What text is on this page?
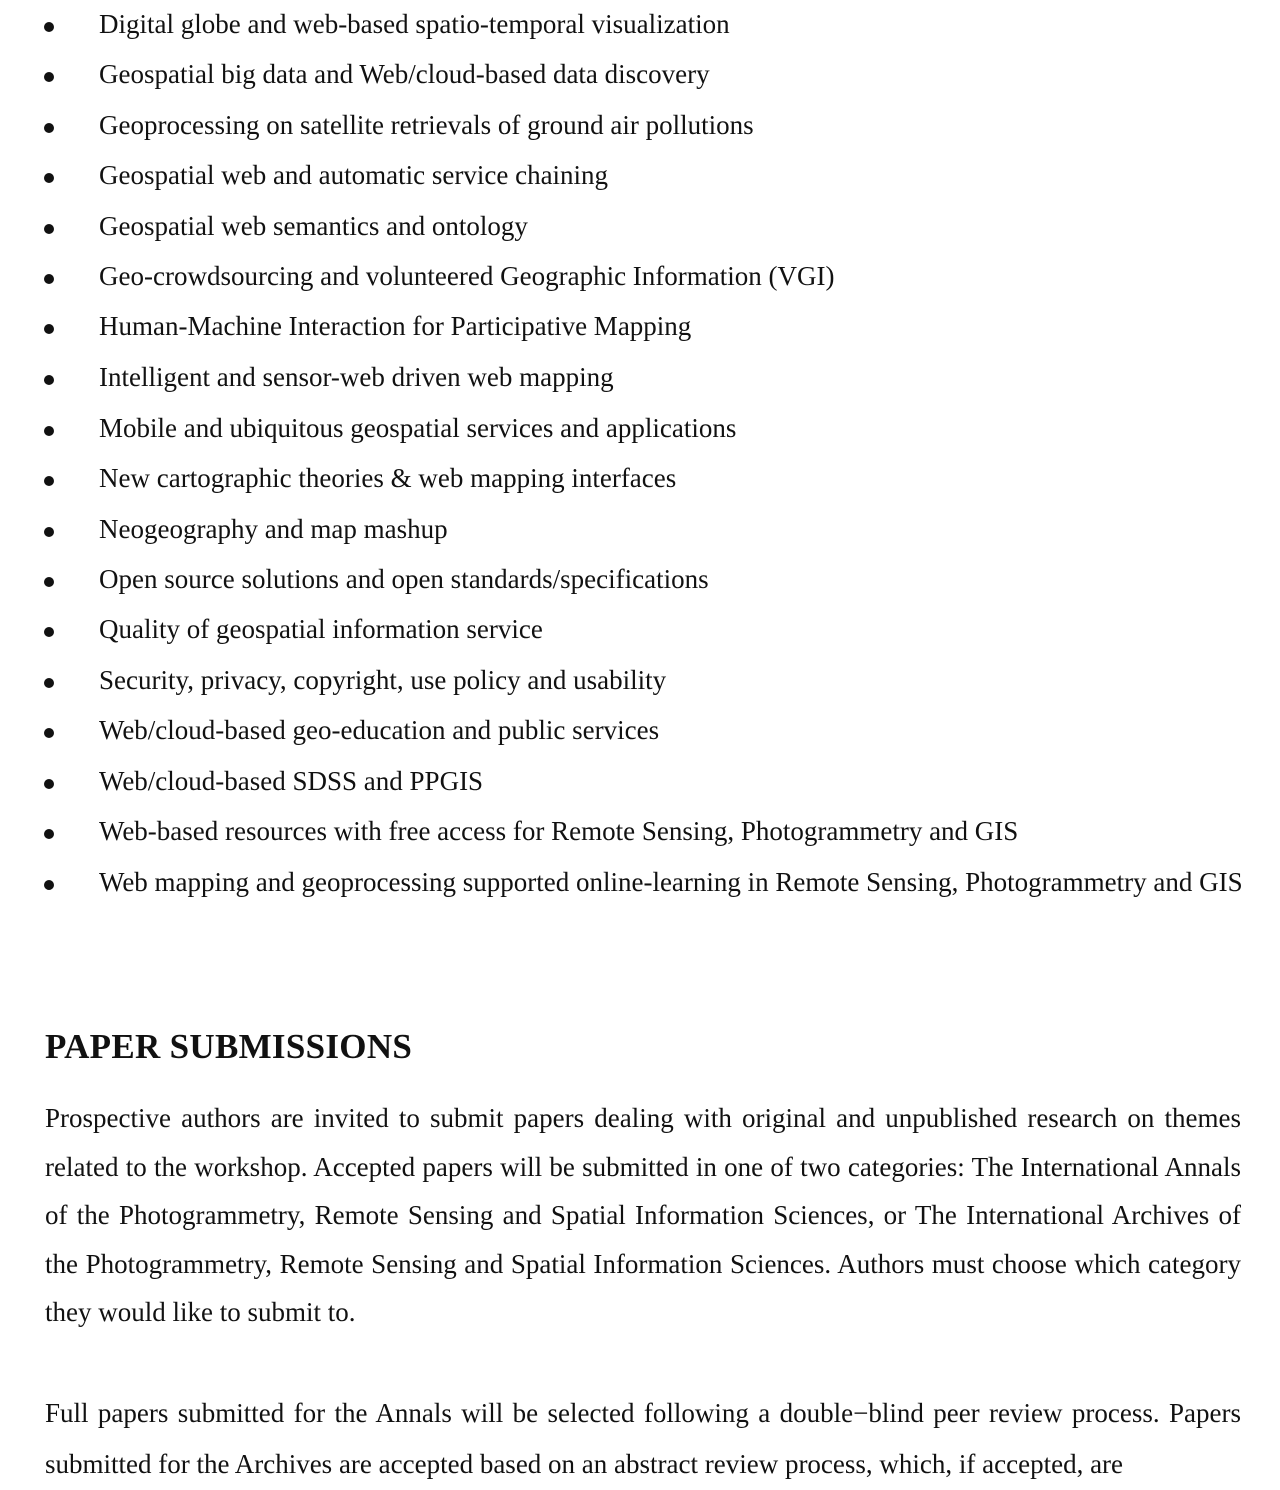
Digital globe and web-based spatio-temporal visualization
Geospatial big data and Web/cloud-based data discovery
Geoprocessing on satellite retrievals of ground air pollutions
Geospatial web and automatic service chaining
Geospatial web semantics and ontology
Geo-crowdsourcing and volunteered Geographic Information (VGI)
Human-Machine Interaction for Participative Mapping
Intelligent and sensor-web driven web mapping
Mobile and ubiquitous geospatial services and applications
New cartographic theories & web mapping interfaces
Neogeography and map mashup
Open source solutions and open standards/specifications
Quality of geospatial information service
Security, privacy, copyright, use policy and usability
Web/cloud-based geo-education and public services
Web/cloud-based SDSS and PPGIS
Web-based resources with free access for Remote Sensing, Photogrammetry and GIS
Web mapping and geoprocessing supported online-learning in Remote Sensing, Photogrammetry and GIS
PAPER SUBMISSIONS

Prospective authors are invited to submit papers dealing with original and unpublished research on themes related to the workshop. Accepted papers will be submitted in one of two categories: The International Annals of the Photogrammetry, Remote Sensing and Spatial Information Sciences, or The International Archives of the Photogrammetry, Remote Sensing and Spatial Information Sciences. Authors must choose which category they would like to submit to.

Full papers submitted for the Annals will be selected following a double−blind peer review process. Papers submitted for the Archives are accepted based on an abstract review process, which, if accepted, are
